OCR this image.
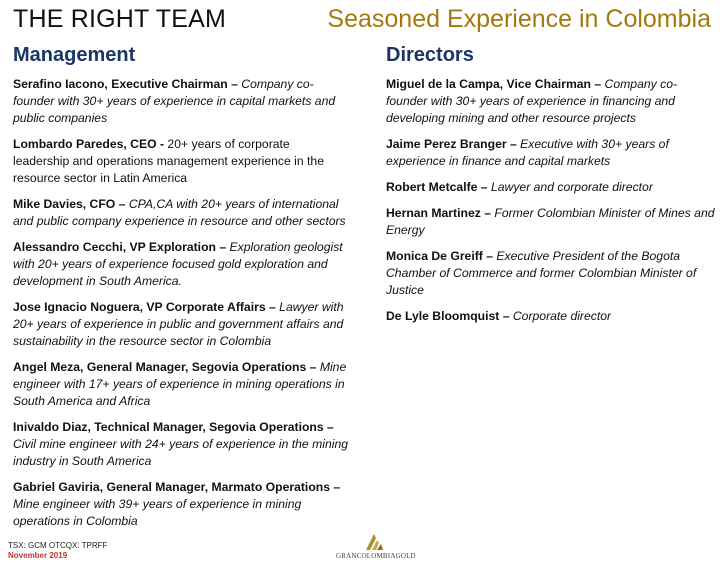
THE RIGHT TEAM	Seasoned Experience in Colombia
Management
Serafino Iacono, Executive Chairman – Company co-founder with 30+ years of experience in capital markets and public companies
Lombardo Paredes, CEO - 20+ years of corporate leadership and operations management experience in the resource sector in Latin America
Mike Davies, CFO – CPA,CA with 20+ years of international and public company experience in resource and other sectors
Alessandro Cecchi, VP Exploration – Exploration geologist with 20+ years of experience focused gold exploration and development in South America.
Jose Ignacio Noguera, VP Corporate Affairs – Lawyer with 20+ years of experience in public and government affairs and sustainability in the resource sector in Colombia
Angel Meza, General Manager, Segovia Operations – Mine engineer with 17+ years of experience in mining operations in South America and Africa
Inivaldo Diaz, Technical Manager, Segovia Operations – Civil mine engineer with 24+ years of experience in the mining industry in South America
Gabriel Gaviria, General Manager, Marmato Operations – Mine engineer with 39+ years of experience in mining operations in Colombia
Directors
Miguel de la Campa, Vice Chairman – Company co-founder with 30+ years of experience in financing and developing mining and other resource projects
Jaime Perez Branger – Executive with 30+ years of experience in finance and capital markets
Robert Metcalfe – Lawyer and corporate director
Hernan Martinez – Former Colombian Minister of Mines and Energy
Monica De Greiff – Executive President of the Bogota Chamber of Commerce and former Colombian Minister of Justice
De Lyle Bloomquist – Corporate director
TSX: GCM OTCQX: TPRFF
November 2019	GRANCOLOMBIAGOLD
